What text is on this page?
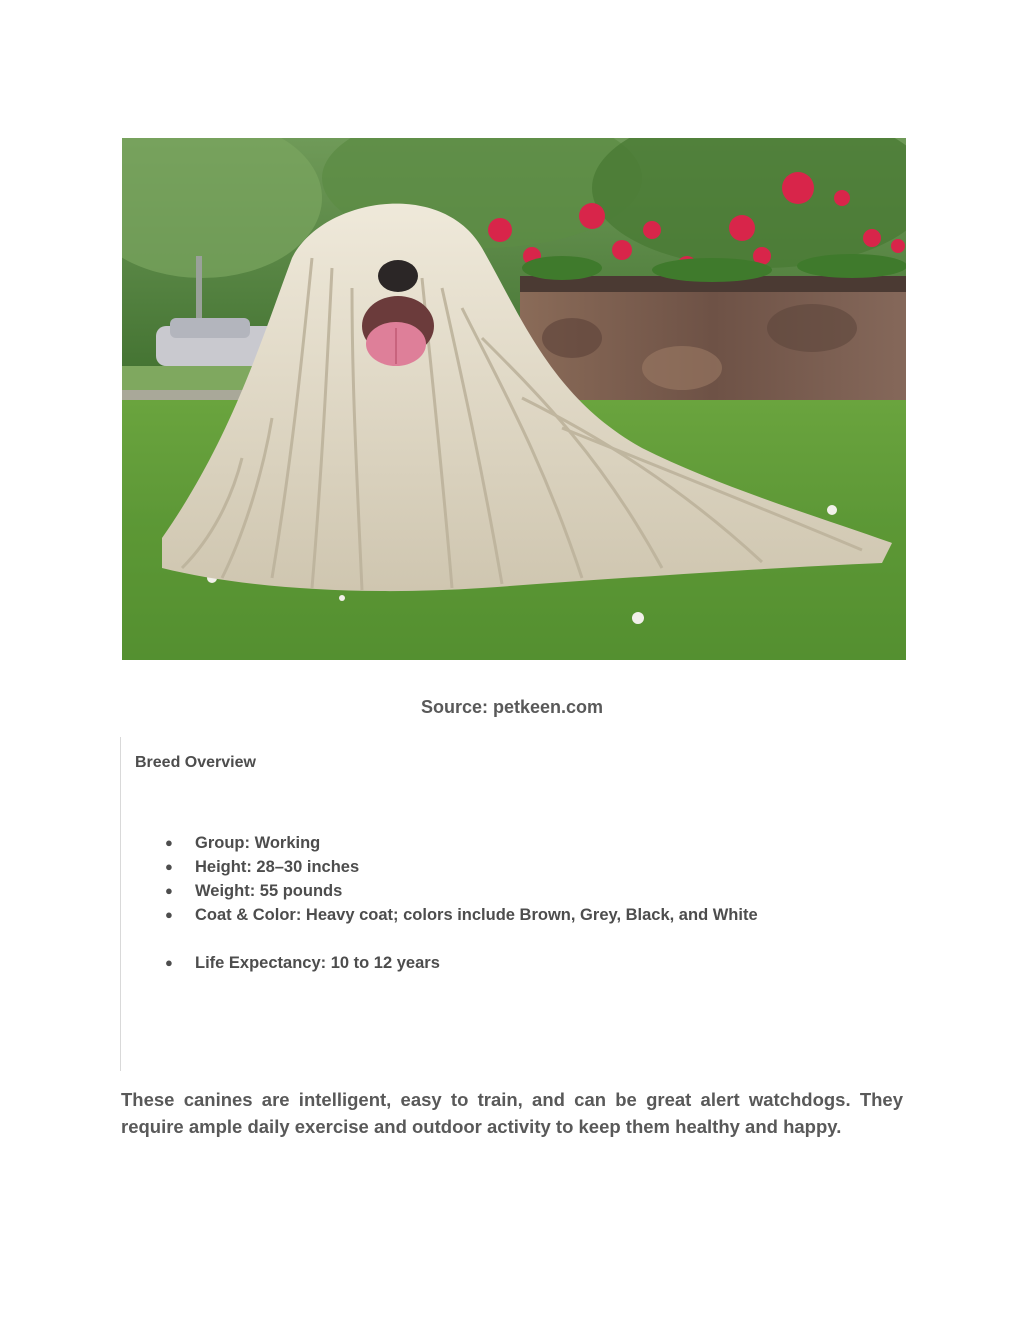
Source: petkeen.com
Breed Overview
● Group: Working
● Height: 28–30 inches
● Weight: 55 pounds
● Coat & Color: Heavy coat; colors include Brown, Grey, Black, and White
● Life Expectancy: 10 to 12 years

These canines are intelligent, easy to train, and can be great alert watchdogs. They require ample daily exercise and outdoor activity to keep them healthy and happy.
